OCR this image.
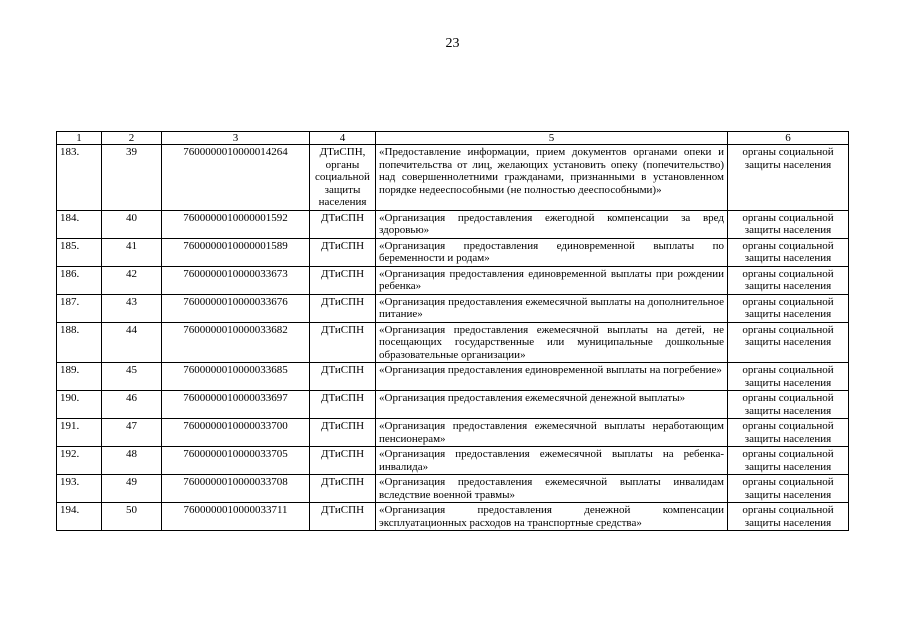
23
1	2	3	4	5	6
183.	39	7600000010000014264	ДТиСПН, органы социальной защиты населения	«Предоставление информации, прием документов органами опеки и попечительства от лиц, желающих установить опеку (попечительство) над совершеннолетними гражданами, признанными в установленном порядке недееспособными (не полностью дееспособными)»	органы социальной защиты населения
184.	40	7600000010000001592	ДТиСПН	«Организация предоставления ежегодной компенсации за вред здоровью»	органы социальной защиты населения
185.	41	7600000010000001589	ДТиСПН	«Организация предоставления единовременной выплаты по беременности и родам»	органы социальной защиты населения
186.	42	7600000010000033673	ДТиСПН	«Организация предоставления единовременной выплаты при рождении ребенка»	органы социальной защиты населения
187.	43	7600000010000033676	ДТиСПН	«Организация предоставления ежемесячной выплаты на дополнительное питание»	органы социальной защиты населения
188.	44	7600000010000033682	ДТиСПН	«Организация предоставления ежемесячной выплаты на детей, не посещающих государственные или муниципальные дошкольные образовательные организации»	органы социальной защиты населения
189.	45	7600000010000033685	ДТиСПН	«Организация предоставления единовременной выплаты на погребение»	органы социальной защиты населения
190.	46	7600000010000033697	ДТиСПН	«Организация предоставления ежемесячной денежной выплаты»	органы социальной защиты населения
191.	47	7600000010000033700	ДТиСПН	«Организация предоставления ежемесячной выплаты неработающим пенсионерам»	органы социальной защиты населения
192.	48	7600000010000033705	ДТиСПН	«Организация предоставления ежемесячной выплаты на ребенка-инвалида»	органы социальной защиты населения
193.	49	7600000010000033708	ДТиСПН	«Организация предоставления ежемесячной выплаты инвалидам вследствие военной травмы»	органы социальной защиты населения
194.	50	7600000010000033711	ДТиСПН	«Организация предоставления денежной компенсации эксплуатационных расходов на транспортные средства»	органы социальной защиты населения
